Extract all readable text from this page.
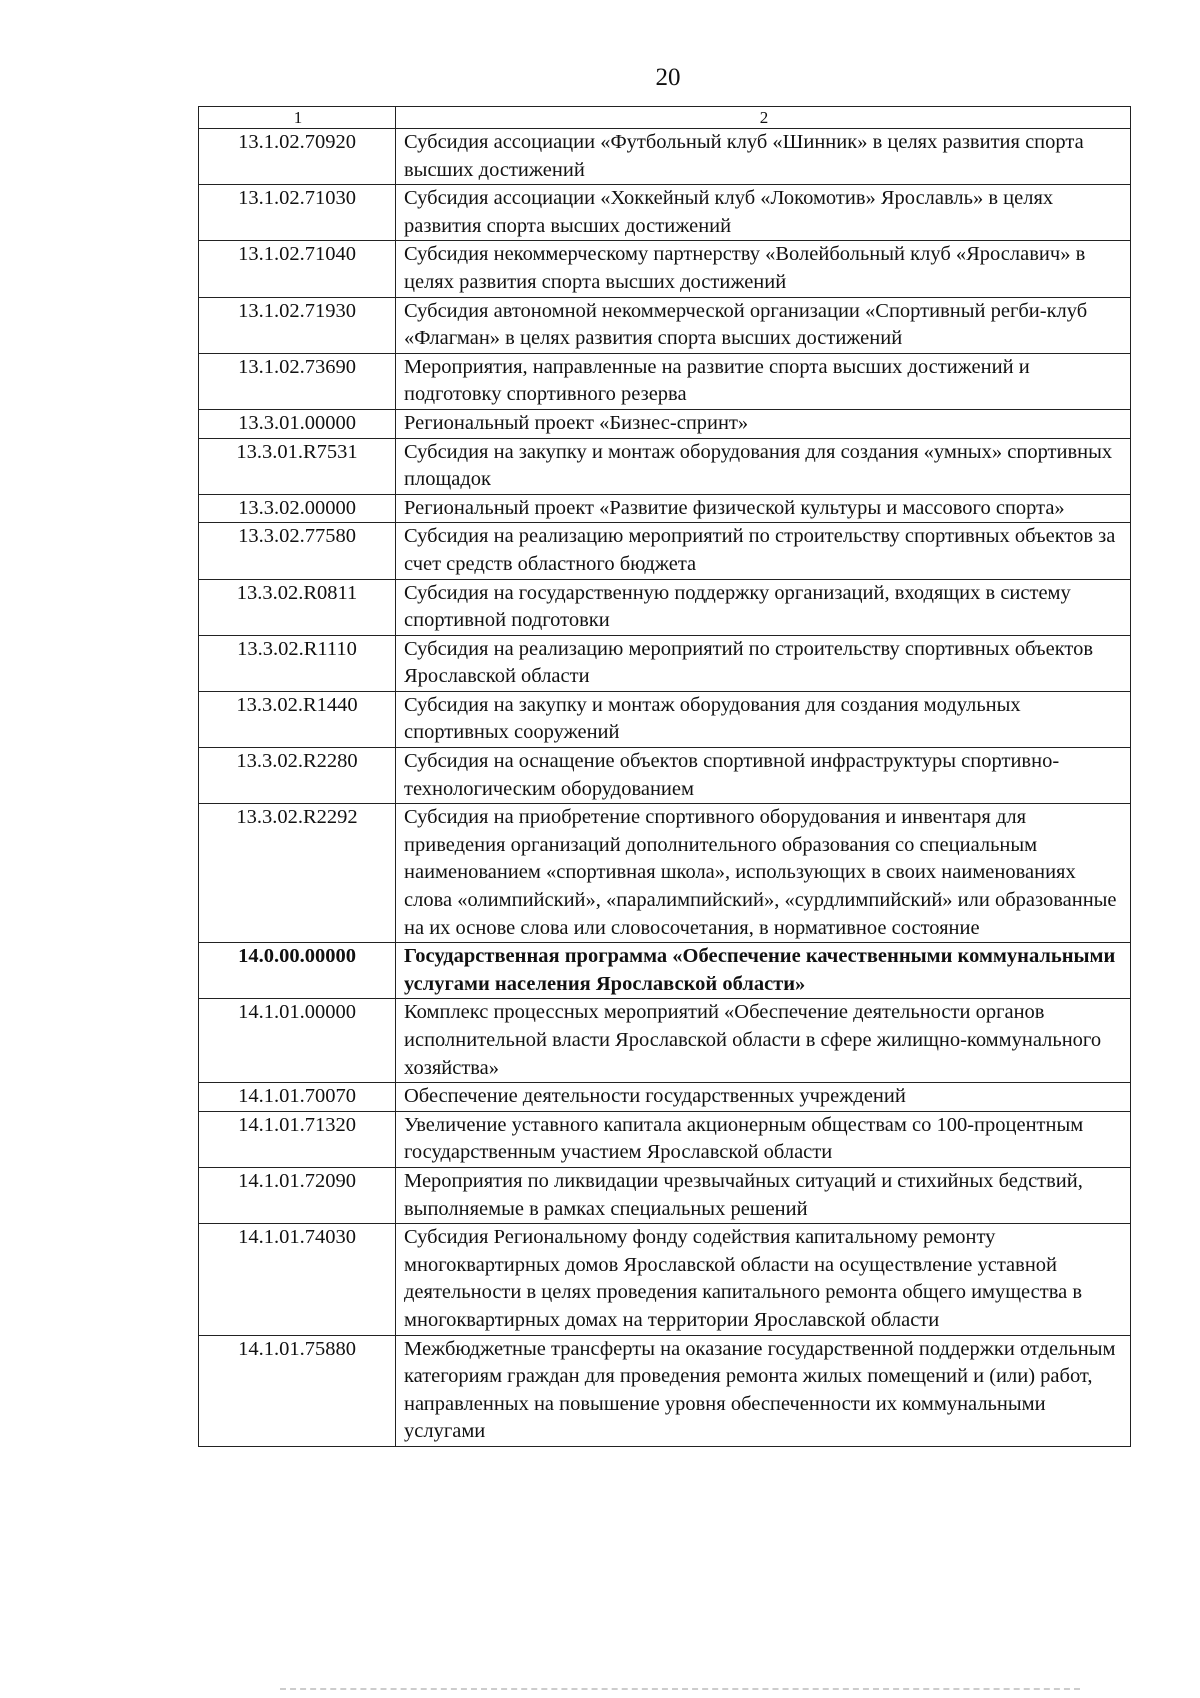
20
1	2
13.1.02.70920	Субсидия ассоциации «Футбольный клуб «Шинник» в целях развития спорта высших достижений
13.1.02.71030	Субсидия ассоциации «Хоккейный клуб «Локомотив» Ярославль» в целях развития спорта высших достижений
13.1.02.71040	Субсидия некоммерческому партнерству «Волейбольный клуб «Ярославич» в целях развития спорта высших достижений
13.1.02.71930	Субсидия автономной некоммерческой организации «Спортивный регби-клуб «Флагман» в целях развития спорта высших достижений
13.1.02.73690	Мероприятия, направленные на развитие спорта высших достижений и подготовку спортивного резерва
13.3.01.00000	Региональный проект «Бизнес-спринт»
13.3.01.R7531	Субсидия на закупку и монтаж оборудования для создания «умных» спортивных площадок
13.3.02.00000	Региональный проект «Развитие физической культуры и массового спорта»
13.3.02.77580	Субсидия на реализацию мероприятий по строительству спортивных объектов за счет средств областного бюджета
13.3.02.R0811	Субсидия на государственную поддержку организаций, входящих в систему спортивной подготовки
13.3.02.R1110	Субсидия на реализацию мероприятий по строительству спортивных объектов Ярославской области
13.3.02.R1440	Субсидия на закупку и монтаж оборудования для создания модульных спортивных сооружений
13.3.02.R2280	Субсидия на оснащение объектов спортивной инфраструктуры спортивно-технологическим оборудованием
13.3.02.R2292	Субсидия на приобретение спортивного оборудования и инвентаря для приведения организаций дополнительного образования со специальным наименованием «спортивная школа», использующих в своих наименованиях слова «олимпийский», «паралимпийский», «сурдлимпийский» или образованные на их основе слова или словосочетания, в нормативное состояние
14.0.00.00000	Государственная программа «Обеспечение качественными коммунальными услугами населения Ярославской области»
14.1.01.00000	Комплекс процессных мероприятий «Обеспечение деятельности органов исполнительной власти Ярославской области в сфере жилищно-коммунального хозяйства»
14.1.01.70070	Обеспечение деятельности государственных учреждений
14.1.01.71320	Увеличение уставного капитала акционерным обществам со 100-процентным государственным участием Ярославской области
14.1.01.72090	Мероприятия по ликвидации чрезвычайных ситуаций и стихийных бедствий, выполняемые в рамках специальных решений
14.1.01.74030	Субсидия Региональному фонду содействия капитальному ремонту многоквартирных домов Ярославской области на осуществление уставной деятельности в целях проведения капитального ремонта общего имущества в многоквартирных домах на территории Ярославской области
14.1.01.75880	Межбюджетные трансферты на оказание государственной поддержки отдельным категориям граждан для проведения ремонта жилых помещений и (или) работ, направленных на повышение уровня обеспеченности их коммунальными услугами
